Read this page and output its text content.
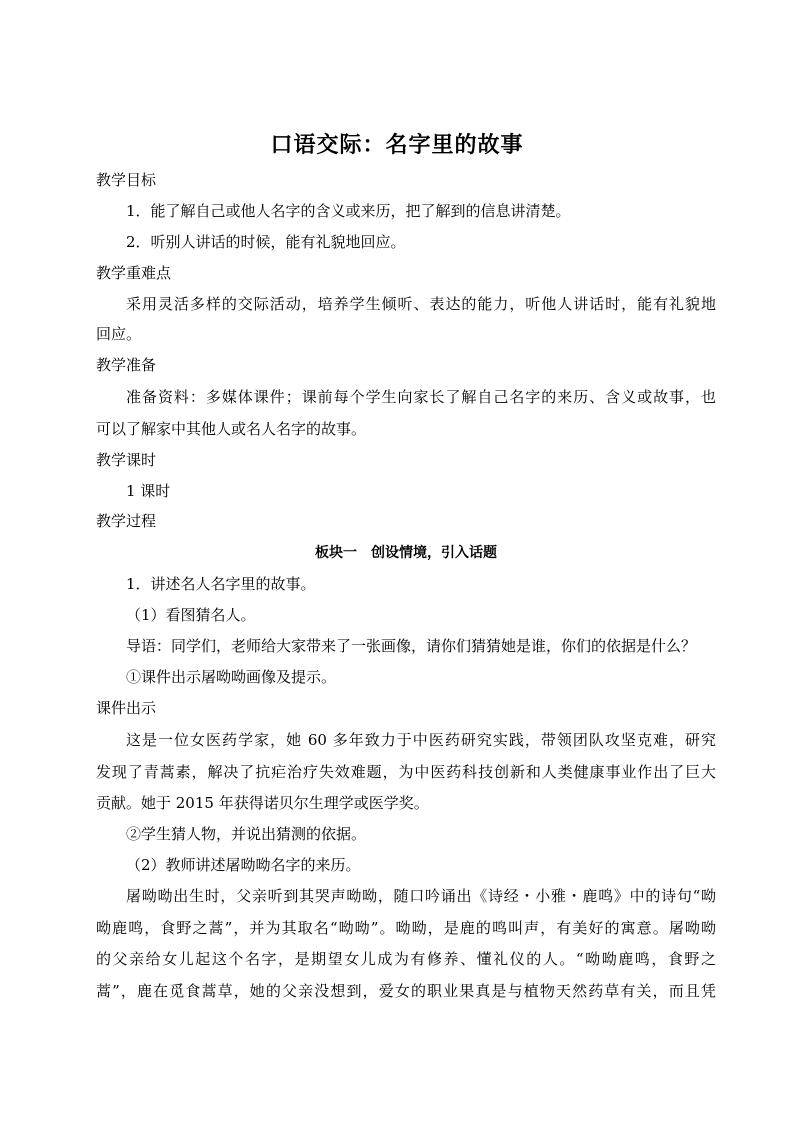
口语交际：名字里的故事
教学目标
1．能了解自己或他人名字的含义或来历，把了解到的信息讲清楚。
2．听别人讲话的时候，能有礼貌地回应。
教学重难点
采用灵活多样的交际活动，培养学生倾听、表达的能力，听他人讲话时，能有礼貌地
回应。
教学准备
准备资料：多媒体课件；课前每个学生向家长了解自己名字的来历、含义或故事，也
可以了解家中其他人或名人名字的故事。
教学课时
1 课时
教学过程
板块一　创设情境，引入话题
1．讲述名人名字里的故事。
（1）看图猜名人。
导语：同学们，老师给大家带来了一张画像，请你们猜猜她是谁，你们的依据是什么？
①课件出示屠呦呦画像及提示。
课件出示
这是一位女医药学家，她 60 多年致力于中医药研究实践，带领团队攻坚克难，研究
发现了青蒿素，解决了抗疟治疗失效难题，为中医药科技创新和人类健康事业作出了巨大
贡献。她于 2015 年获得诺贝尔生理学或医学奖。
②学生猜人物，并说出猜测的依据。
（2）教师讲述屠呦呦名字的来历。
屠呦呦出生时，父亲听到其哭声呦呦，随口吟诵出《诗经・小雅・鹿鸣》中的诗句“呦
呦鹿鸣，食野之蒿”，并为其取名“呦呦”。呦呦，是鹿的鸣叫声，有美好的寓意。屠呦呦
的父亲给女儿起这个名字，是期望女儿成为有修养、懂礼仪的人。“呦呦鹿鸣，食野之
蒿”，鹿在觅食蒿草，她的父亲没想到，爱女的职业果真是与植物天然药草有关，而且凭
